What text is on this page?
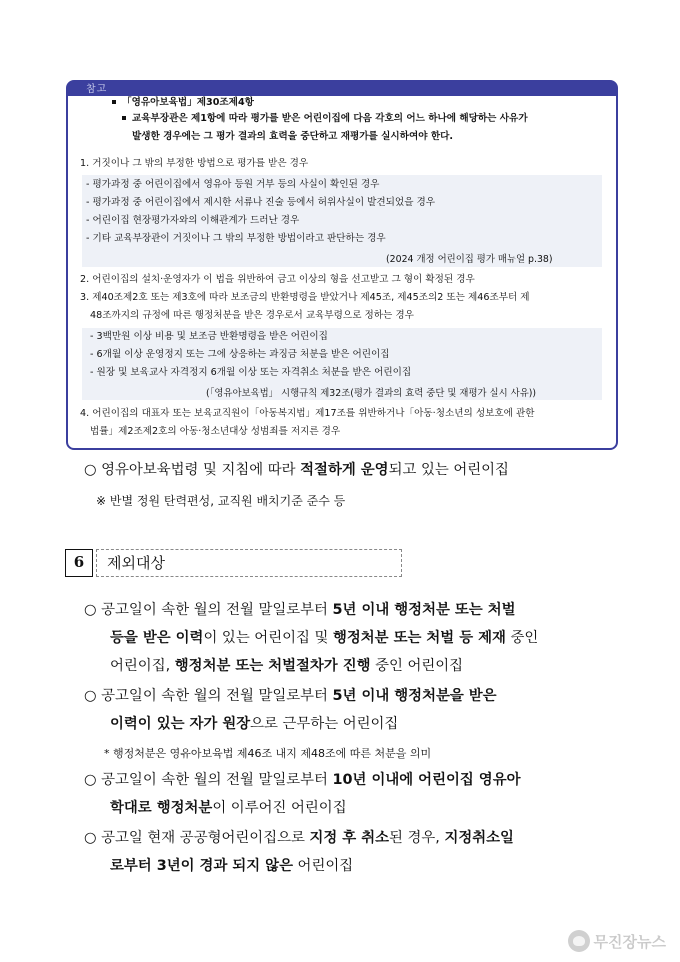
참고
「영유아보육법」제30조제4항
교육부장관은 제1항에 따라 평가를 받은 어린이집에 다음 각호의 어느 하나에 해당하는 사유가
발생한 경우에는 그 평가 결과의 효력을 중단하고 재평가를 실시하여야 한다.
1. 거짓이나 그 밖의 부정한 방법으로 평가를 받은 경우
- 평가과정 중 어린이집에서 영유아 등원 거부 등의 사실이 확인된 경우
- 평가과정 중 어린이집에서 제시한 서류나 진술 등에서 허위사실이 발견되었을 경우
- 어린이집 현장평가자와의 이해관계가 드러난 경우
- 기타 교육부장관이 거짓이나 그 밖의 부정한 방법이라고 판단하는 경우
(2024 개정 어린이집 평가 매뉴얼 p.38)
2. 어린이집의 설치·운영자가 이 법을 위반하여 금고 이상의 형을 선고받고 그 형이 확정된 경우
3. 제40조제2호 또는 제3호에 따라 보조금의 반환명령을 받았거나 제45조, 제45조의2 또는 제46조부터 제
48조까지의 규정에 따른 행정처분을 받은 경우로서 교육부령으로 정하는 경우
- 3백만원 이상 비용 및 보조금 반환명령을 받은 어린이집
- 6개월 이상 운영정지 또는 그에 상응하는 과징금 처분을 받은 어린이집
- 원장 및 보육교사 자격정지 6개월 이상 또는 자격취소 처분을 받은 어린이집
(「영유아보육법」 시행규칙 제32조(평가 결과의 효력 중단 및 재평가 실시 사유))
4. 어린이집의 대표자 또는 보육교직원이「아동복지법」제17조를 위반하거나「아동·청소년의 성보호에 관한
법률」제2조제2호의 아동·청소년대상 성범죄를 저지른 경우
○ 영유아보육법령 및 지침에 따라 적절하게 운영되고 있는 어린이집
※ 반별 정원 탄력편성, 교직원 배치기준 준수 등
6	제외대상
○ 공고일이 속한 월의 전월 말일로부터 5년 이내 행정처분 또는 처벌
등을 받은 이력이 있는 어린이집 및 행정처분 또는 처벌 등 제재 중인
어린이집, 행정처분 또는 처벌절차가 진행 중인 어린이집
○ 공고일이 속한 월의 전월 말일로부터 5년 이내 행정처분을 받은
이력이 있는 자가 원장으로 근무하는 어린이집
* 행정처분은 영유아보육법 제46조 내지 제48조에 따른 처분을 의미
○ 공고일이 속한 월의 전월 말일로부터 10년 이내에 어린이집 영유아
학대로 행정처분이 이루어진 어린이집
○ 공고일 현재 공공형어린이집으로 지정 후 취소된 경우, 지정취소일
로부터 3년이 경과 되지 않은 어린이집
무진장뉴스
